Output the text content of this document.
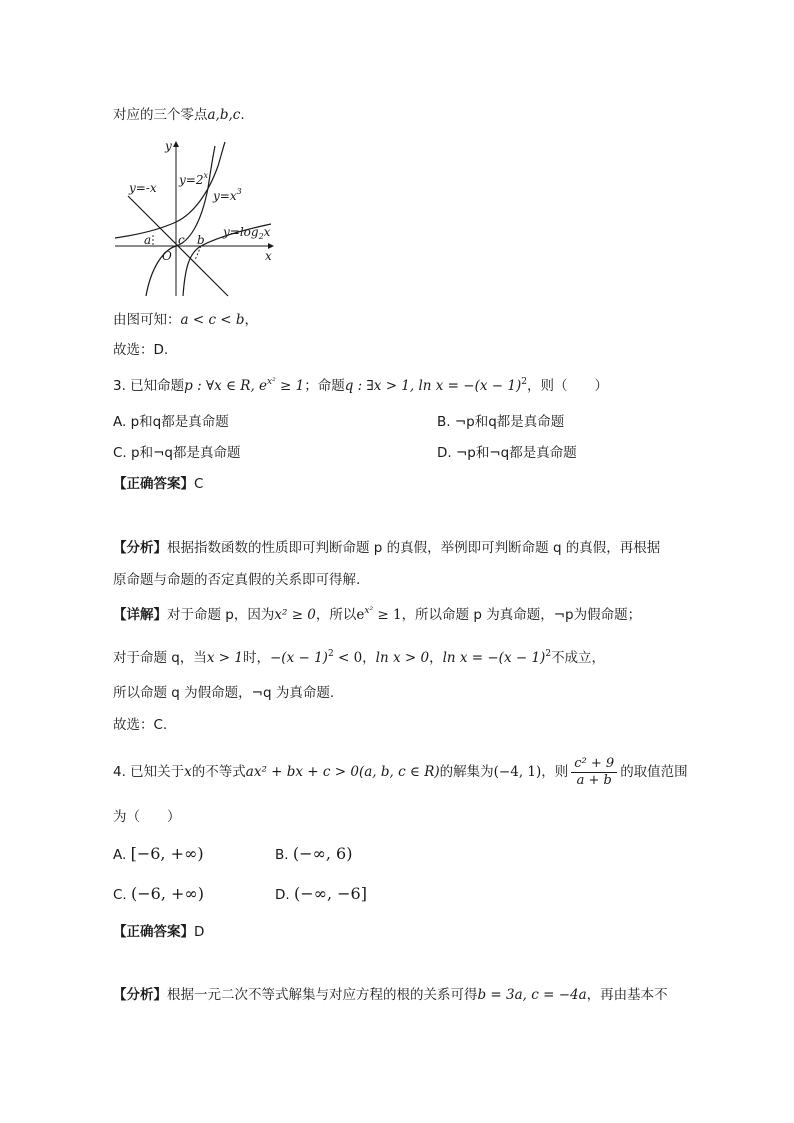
对应的三个零点a,b,c.
y
x
O
y=-x
$y=2^x$
$y=x^3$
$y=\log_2x$
a c b
由图可知：a < c < b，
故选：D.
3. 已知命题p : ∀x ∈ R, $e^{x^2} \ge 1$；命题q : ∃x > 1, $\ln x = -(x - 1)^2$，则（　　）
A. p和q都是真命题	B. ¬p和q都是真命题
C. p和¬q都是真命题	D. ¬p和¬q都是真命题
【正确答案】C
【分析】根据指数函数的性质即可判断命题 p 的真假，举例即可判断命题 q 的真假，再根据
原命题与命题的否定真假的关系即可得解.
【详解】对于命题 p，因为x² ≥ 0，所以$e^{x^2} \ge 1$，所以命题 p 为真命题，¬p为假命题；
对于命题 q，当x > 1时，$-(x - 1)^2 < 0$，ln x > 0，$\ln x = -(x - 1)^2$不成立，
所以命题 q 为假命题，¬q 为真命题.
故选：C.
4. 已知关于x的不等式ax² + bx + c > 0(a, b, c ∈ R)的解集为(−4, 1)，则 $\frac{\text{c² + 9}}{a + b}$ 的取值范围
为（　　）
A. [−6, +∞)	B. (−∞, 6)
C. (−6, +∞)	D. (−∞, −6]
【正确答案】D
【分析】根据一元二次不等式解集与对应方程的根的关系可得b = 3a, c = −4a，再由基本不
